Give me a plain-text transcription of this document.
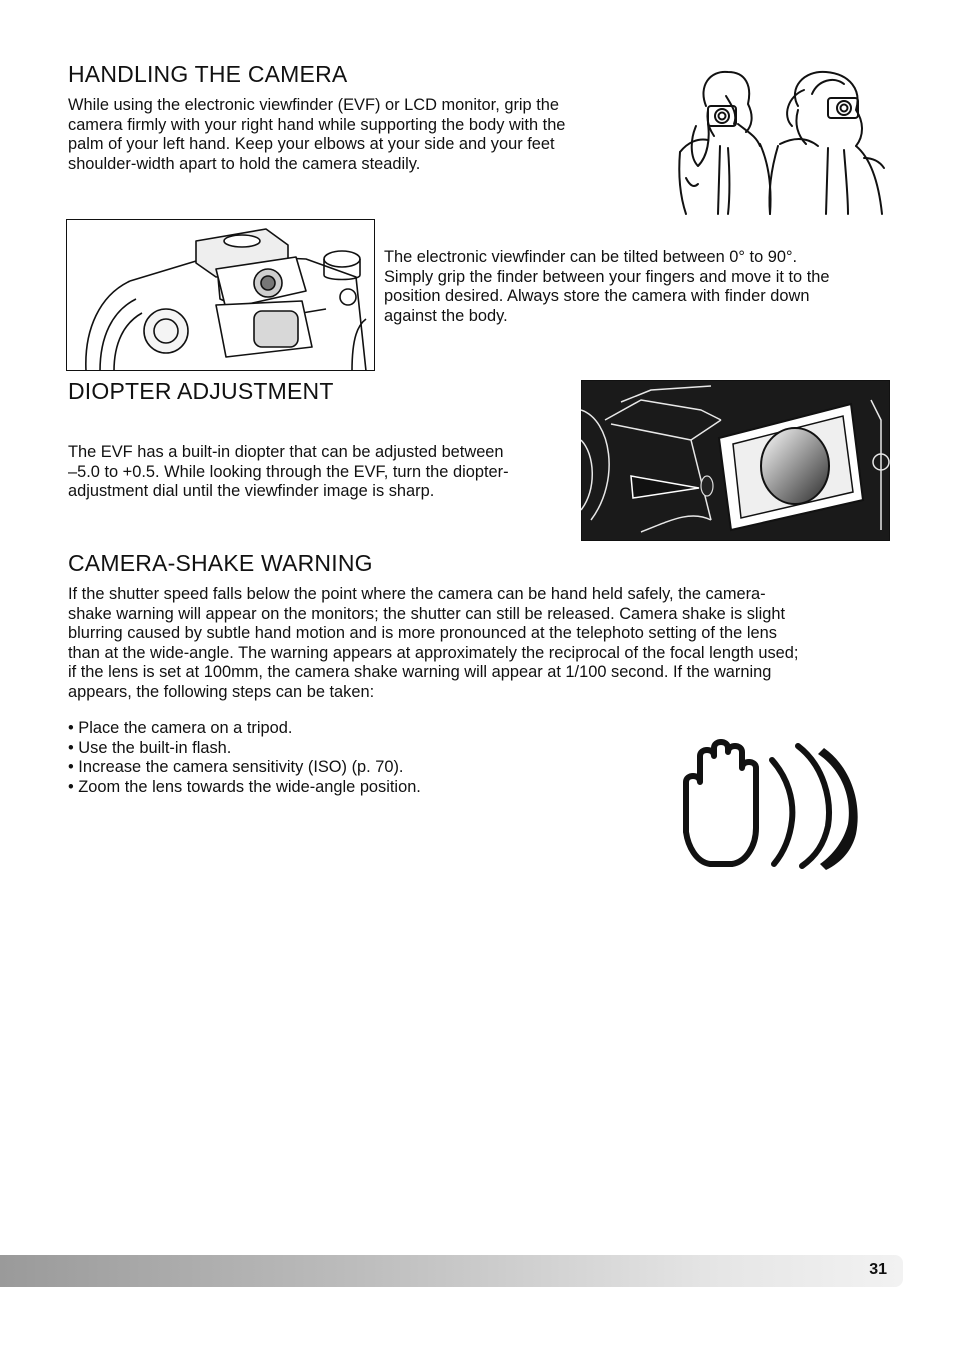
HANDLING THE CAMERA

While using the electronic viewfinder (EVF) or LCD monitor, grip the
camera firmly with your right hand while supporting the body with the
palm of your left hand. Keep your elbows at your side and your feet
shoulder-width apart to hold the camera steadily.

The electronic viewfinder can be tilted between 0° to 90°.
Simply grip the finder between your fingers and move it to the
position desired. Always store the camera with finder down
against the body.

DIOPTER ADJUSTMENT

The EVF has a built-in diopter that can be adjusted between
–5.0 to +0.5. While looking through the EVF, turn the diopter-
adjustment dial until the viewfinder image is sharp.

CAMERA-SHAKE WARNING

If the shutter speed falls below the point where the camera can be hand held safely, the camera-
shake warning will appear on the monitors; the shutter can still be released. Camera shake is slight
blurring caused by subtle hand motion and is more pronounced at the telephoto setting of the lens
than at the wide-angle. The warning appears at approximately the reciprocal of the focal length used;
if the lens is set at 100mm, the camera shake warning will appear at 1/100 second. If the warning
appears, the following steps can be taken:

• Place the camera on a tripod.
• Use the built-in flash.
• Increase the camera sensitivity (ISO) (p. 70).
• Zoom the lens towards the wide-angle position.
31
